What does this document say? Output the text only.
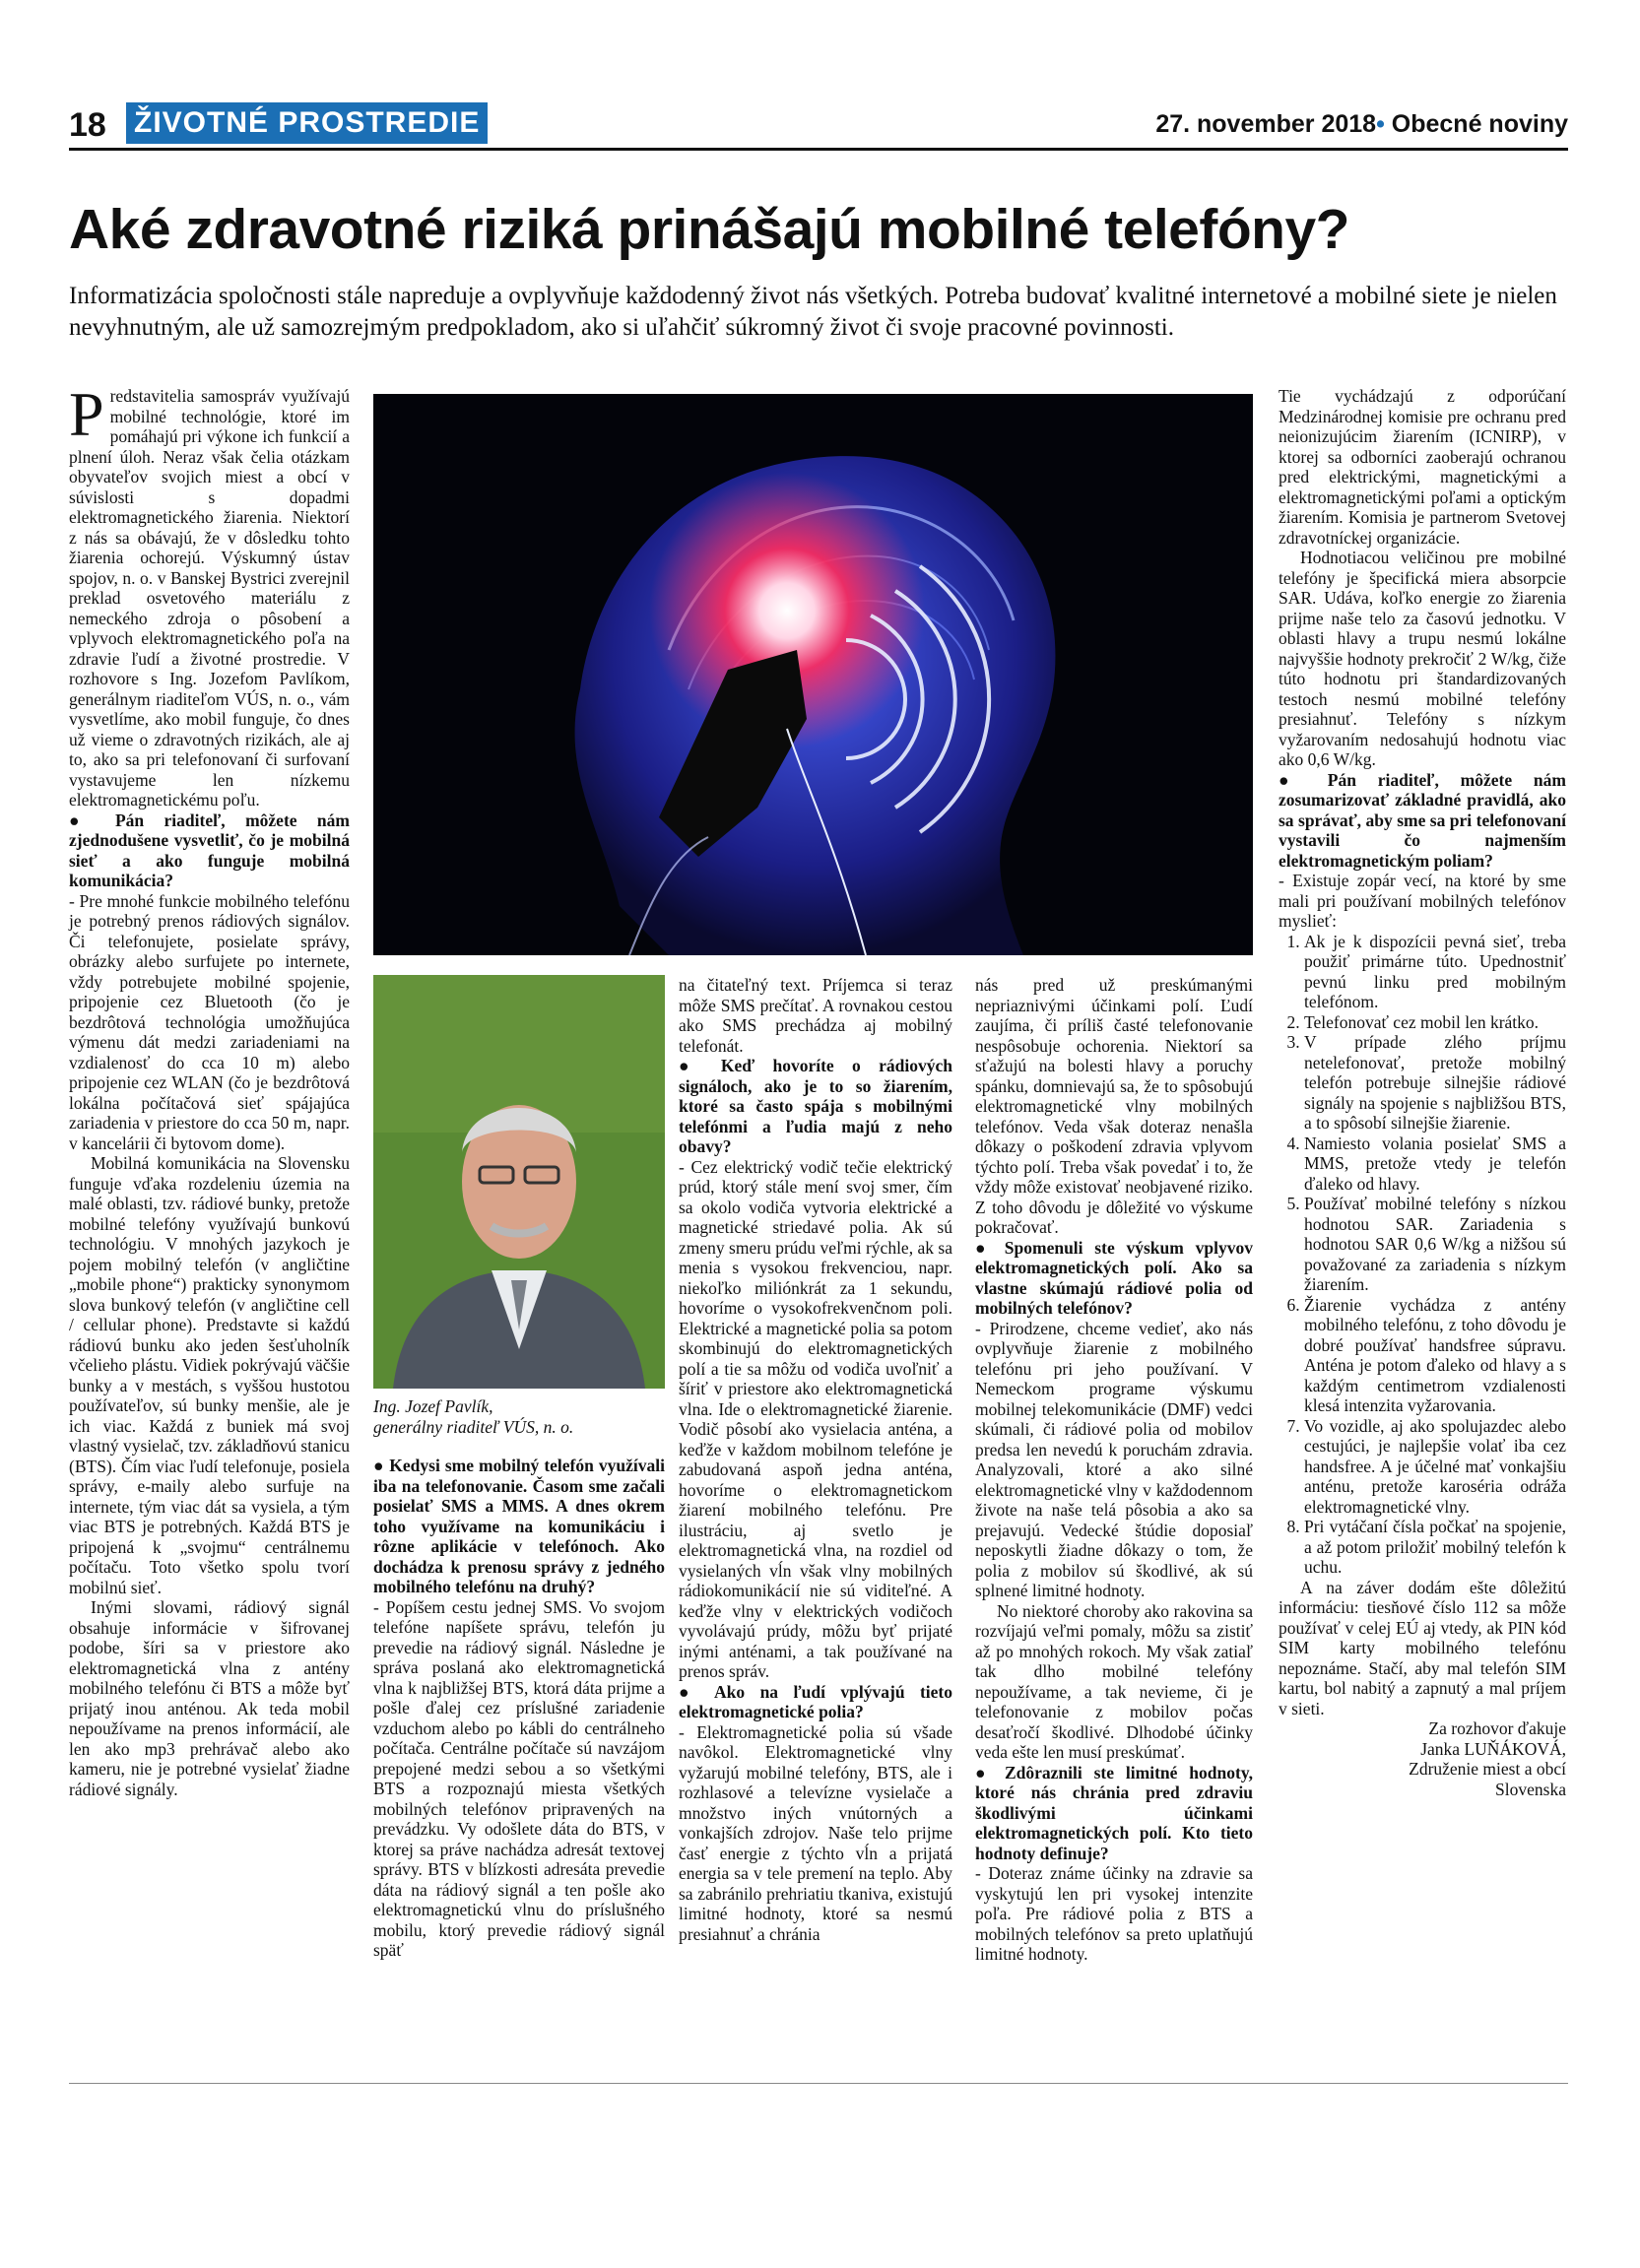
18 ŽIVOTNÉ PROSTREDIE	27. november 2018• Obecné noviny
Aké zdravotné riziká prinášajú mobilné telefóny?

Informatizácia spoločnosti stále napreduje a ovplyvňuje každodenný život nás všetkých. Potreba budovať kvalitné internetové a mobilné siete je nielen nevyhnutným, ale už samozrejmým predpokladom, ako si uľahčiť súkromný život či svoje pracovné povinnosti.

Predstavitelia samospráv využívajú mobilné technológie, ktoré im pomáhajú pri výkone ich funkcií a plnení úloh. Neraz však čelia otázkam obyvateľov svojich miest a obcí v súvislosti s dopadmi elektromagnetického žiarenia. Niektorí z nás sa obávajú, že v dôsledku tohto žiarenia ochorejú. Výskumný ústav spojov, n. o. v Banskej Bystrici zverejnil preklad osvetového materiálu z nemeckého zdroja o pôsobení a vplyvoch elektromagnetického poľa na zdravie ľudí a životné prostredie. V rozhovore s Ing. Jozefom Pavlíkom, generálnym riaditeľom VÚS, n. o., vám vysvetlíme, ako mobil funguje, čo dnes už vieme o zdravotných rizikách, ale aj to, ako sa pri telefonovaní či surfovaní vystavujeme len nízkemu elektromagnetickému poľu.

● Pán riaditeľ, môžete nám zjednodušene vysvetliť, čo je mobilná sieť a ako funguje mobilná komunikácia?

- Pre mnohé funkcie mobilného telefónu je potrebný prenos rádiových signálov. Či telefonujete, posielate správy, obrázky alebo surfujete po internete, vždy potrebujete mobilné spojenie, pripojenie cez Bluetooth (čo je bezdrôtová technológia umožňujúca výmenu dát medzi zariadeniami na vzdialenosť do cca 10 m) alebo pripojenie cez WLAN (čo je bezdrôtová lokálna počítačová sieť spájajúca zariadenia v priestore do cca 50 m, napr. v kancelárii či bytovom dome).

Mobilná komunikácia na Slovensku funguje vďaka rozdeleniu územia na malé oblasti, tzv. rádiové bunky, pretože mobilné telefóny využívajú bunkovú technológiu. V mnohých jazykoch je pojem mobilný telefón (v angličtine „mobile phone“) prakticky synonymom slova bunkový telefón (v angličtine cell / cellular phone). Predstavte si každú rádiovú bunku ako jeden šesťuholník včelieho plástu. Vidiek pokrývajú väčšie bunky a v mestách, s vyššou hustotou používateľov, sú bunky menšie, ale je ich viac. Každá z buniek má svoj vlastný vysielač, tzv. základňovú stanicu (BTS). Čím viac ľudí telefonuje, posiela správy, e-maily alebo surfuje na internete, tým viac dát sa vysiela, a tým viac BTS je potrebných. Každá BTS je pripojená k „svojmu“ centrálnemu počítaču. Toto všetko spolu tvorí mobilnú sieť.

Inými slovami, rádiový signál obsahuje informácie v šifrovanej podobe, šíri sa v priestore ako elektromagnetická vlna z antény mobilného telefónu či BTS a môže byť prijatý inou anténou. Ak teda mobil nepoužívame na prenos informácií, ale len ako mp3 prehrávač alebo ako kameru, nie je potrebné vysielať žiadne rádiové signály.

Ing. Jozef Pavlík,

generálny riaditeľ VÚS, n. o.

● Kedysi sme mobilný telefón využívali iba na telefonovanie. Časom sme začali posielať SMS a MMS. A dnes okrem toho využívame na komunikáciu i rôzne aplikácie v telefónoch. Ako dochádza k prenosu správy z jedného mobilného telefónu na druhý?

- Popíšem cestu jednej SMS. Vo svojom telefóne napíšete správu, telefón ju prevedie na rádiový signál. Následne je správa poslaná ako elektromagnetická vlna k najbližšej BTS, ktorá dáta prijme a pošle ďalej cez príslušné zariadenie vzduchom alebo po kábli do centrálneho počítača. Centrálne počítače sú navzájom prepojené medzi sebou a so všetkými BTS a rozpoznajú miesta všetkých mobilných telefónov pripravených na prevádzku. Vy odošlete dáta do BTS, v ktorej sa práve nachádza adresát textovej správy. BTS v blízkosti adresáta prevedie dáta na rádiový signál a ten pošle ako elektromagnetickú vlnu do príslušného mobilu, ktorý prevedie rádiový signál späť

na čitateľný text. Príjemca si teraz môže SMS prečítať. A rovnakou cestou ako SMS prechádza aj mobilný telefonát.

● Keď hovoríte o rádiových signáloch, ako je to so žiarením, ktoré sa často spája s mobilnými telefónmi a ľudia majú z neho obavy?

- Cez elektrický vodič tečie elektrický prúd, ktorý stále mení svoj smer, čím sa okolo vodiča vytvoria elektrické a magnetické striedavé polia. Ak sú zmeny smeru prúdu veľmi rýchle, ak sa menia s vysokou frekvenciou, napr. niekoľko miliónkrát za 1 sekundu, hovoríme o vysokofrekvenčnom poli. Elektrické a magnetické polia sa potom skombinujú do elektromagnetických polí a tie sa môžu od vodiča uvoľniť a šíriť v priestore ako elektromagnetická vlna. Ide o elektromagnetické žiarenie. Vodič pôsobí ako vysielacia anténa, a keďže v každom mobilnom telefóne je zabudovaná aspoň jedna anténa, hovoríme o elektromagnetickom žiarení mobilného telefónu. Pre ilustráciu, aj svetlo je elektromagnetická vlna, na rozdiel od vysielaných vĺn však vlny mobilných rádiokomunikácií nie sú viditeľné. A keďže vlny v elektrických vodičoch vyvolávajú prúdy, môžu byť prijaté inými anténami, a tak používané na prenos správ.

● Ako na ľudí vplývajú tieto elektromagnetické polia?

- Elektromagnetické polia sú všade navôkol. Elektromagnetické vlny vyžarujú mobilné telefóny, BTS, ale i rozhlasové a televízne vysielače a množstvo iných vnútorných a vonkajších zdrojov. Naše telo prijme časť energie z týchto vĺn a prijatá energia sa v tele premení na teplo. Aby sa zabránilo prehriatiu tkaniva, existujú limitné hodnoty, ktoré sa nesmú presiahnuť a chránia

nás pred už preskúmanými nepriaznivými účinkami polí. Ľudí zaujíma, či príliš časté telefonovanie nespôsobuje ochorenia. Niektorí sa sťažujú na bolesti hlavy a poruchy spánku, domnievajú sa, že to spôsobujú elektromagnetické vlny mobilných telefónov. Veda však doteraz nenašla dôkazy o poškodení zdravia vplyvom týchto polí. Treba však povedať i to, že vždy môže existovať neobjavené riziko. Z toho dôvodu je dôležité vo výskume pokračovať.

● Spomenuli ste výskum vplyvov elektromagnetických polí. Ako sa vlastne skúmajú rádiové polia od mobilných telefónov?

- Prirodzene, chceme vedieť, ako nás ovplyvňuje žiarenie z mobilného telefónu pri jeho používaní. V Nemeckom programe výskumu mobilnej telekomunikácie (DMF) vedci skúmali, či rádiové polia od mobilov predsa len nevedú k poruchám zdravia. Analyzovali, ktoré a ako silné elektromagnetické vlny v každodennom živote na naše telá pôsobia a ako sa prejavujú. Vedecké štúdie doposiaľ neposkytli žiadne dôkazy o tom, že polia z mobilov sú škodlivé, ak sú splnené limitné hodnoty.

No niektoré choroby ako rakovina sa rozvíjajú veľmi pomaly, môžu sa zistiť až po mnohých rokoch. My však zatiaľ tak dlho mobilné telefóny nepoužívame, a tak nevieme, či je telefonovanie z mobilov počas desaťročí škodlivé. Dlhodobé účinky veda ešte len musí preskúmať.

● Zdôraznili ste limitné hodnoty, ktoré nás chránia pred zdraviu škodlivými účinkami elektromagnetických polí. Kto tieto hodnoty definuje?

- Doteraz známe účinky na zdravie sa vyskytujú len pri vysokej intenzite poľa. Pre rádiové polia z BTS a mobilných telefónov sa preto uplatňujú limitné hodnoty.

Tie vychádzajú z odporúčaní Medzinárodnej komisie pre ochranu pred neionizujúcim žiarením (ICNIRP), v ktorej sa odborníci zaoberajú ochranou pred elektrickými, magnetickými a elektromagnetickými poľami a optickým žiarením. Komisia je partnerom Svetovej zdravotníckej organizácie.

Hodnotiacou veličinou pre mobilné telefóny je špecifická miera absorpcie SAR. Udáva, koľko energie zo žiarenia prijme naše telo za časovú jednotku. V oblasti hlavy a trupu nesmú lokálne najvyššie hodnoty prekročiť 2 W/kg, čiže túto hodnotu pri štandardizovaných testoch nesmú mobilné telefóny presiahnuť. Telefóny s nízkym vyžarovaním nedosahujú hodnotu viac ako 0,6 W/kg.

● Pán riaditeľ, môžete nám zosumarizovať základné pravidlá, ako sa správať, aby sme sa pri telefonovaní vystavili čo najmenším elektromagnetickým poliam?

- Existuje zopár vecí, na ktoré by sme mali pri používaní mobilných telefónov myslieť:

1. Ak je k dispozícii pevná sieť, treba použiť primárne túto. Upednostniť pevnú linku pred mobilným telefónom.
2. Telefonovať cez mobil len krátko.
3. V prípade zlého príjmu netelefonovať, pretože mobilný telefón potrebuje silnejšie rádiové signály na spojenie s najbližšou BTS, a to spôsobí silnejšie žiarenie.
4. Namiesto volania posielať SMS a MMS, pretože vtedy je telefón ďaleko od hlavy.
5. Používať mobilné telefóny s nízkou hodnotou SAR. Zariadenia s hodnotou SAR 0,6 W/kg a nižšou sú považované za zariadenia s nízkym žiarením.
6. Žiarenie vychádza z antény mobilného telefónu, z toho dôvodu je dobré používať handsfree súpravu. Anténa je potom ďaleko od hlavy a s každým centimetrom vzdialenosti klesá intenzita vyžarovania.
7. Vo vozidle, aj ako spolujazdec alebo cestujúci, je najlepšie volať iba cez handsfree. A je účelné mať vonkajšiu anténu, pretože karoséria odráža elektromagnetické vlny.
8. Pri vytáčaní čísla počkať na spojenie, a až potom priložiť mobilný telefón k uchu.

A na záver dodám ešte dôležitú informáciu: tiesňové číslo 112 sa môže používať v celej EÚ aj vtedy, ak PIN kód SIM karty mobilného telefónu nepoznáme. Stačí, aby mal telefón SIM kartu, bol nabitý a zapnutý a mal príjem v sieti.

Za rozhovor ďakuje

Janka LUŇÁKOVÁ,

Združenie miest a obcí

Slovenska
